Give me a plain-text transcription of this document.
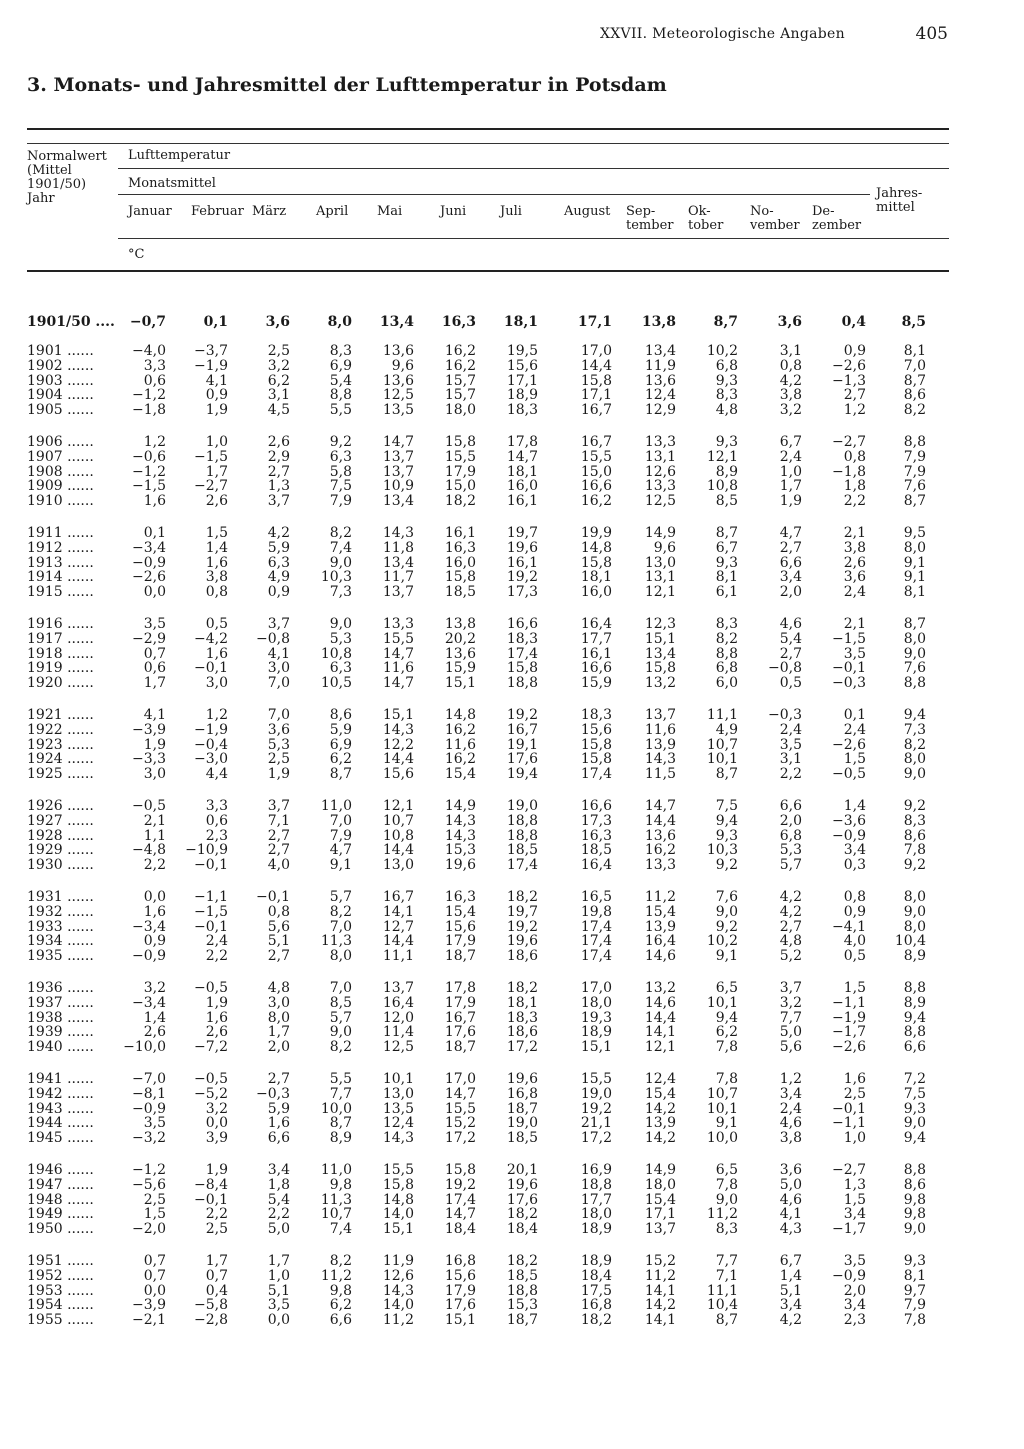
XXVII. Meteorologische Angaben	405
3. Monats- und Jahresmittel der Lufttemperatur in Potsdam
Normalwert
(Mittel
1901/50)
Jahr
Lufttemperatur
Monatsmittel
°C
Jahres-
mittel
Januar Februar März April Mai	Juni	Juli	August Sep-
tember
Ok-
tober
No-
vember
De-
zember
1901/50 ....	−0,7	0,1	3,6	8,0	13,4	16,3	18,1	17,1	13,8	8,7	3,6	0,4	8,5
1901 ......	−4,0	−3,7	2,5	8,3	13,6	16,2	19,5	17,0	13,4	10,2	3,1	0,9	8,1
1902 ......	3,3	−1,9	3,2	6,9	9,6	16,2	15,6	14,4	11,9	6,8	0,8	−2,6	7,0
1903 ......	0,6	4,1	6,2	5,4	13,6	15,7	17,1	15,8	13,6	9,3	4,2	−1,3	8,7
1904 ......	−1,2	0,9	3,1	8,8	12,5	15,7	18,9	17,1	12,4	8,3	3,8	2,7	8,6
1905 ......	−1,8	1,9	4,5	5,5	13,5	18,0	18,3	16,7	12,9	4,8	3,2	1,2	8,2
1906 ......	1,2	1,0	2,6	9,2	14,7	15,8	17,8	16,7	13,3	9,3	6,7	−2,7	8,8
1907 ......	−0,6	−1,5	2,9	6,3	13,7	15,5	14,7	15,5	13,1	12,1	2,4	0,8	7,9
1908 ......	−1,2	1,7	2,7	5,8	13,7	17,9	18,1	15,0	12,6	8,9	1,0	−1,8	7,9
1909 ......	−1,5	−2,7	1,3	7,5	10,9	15,0	16,0	16,6	13,3	10,8	1,7	1,8	7,6
1910 ......	1,6	2,6	3,7	7,9	13,4	18,2	16,1	16,2	12,5	8,5	1,9	2,2	8,7
1911 ......	0,1	1,5	4,2	8,2	14,3	16,1	19,7	19,9	14,9	8,7	4,7	2,1	9,5
1912 ......	−3,4	1,4	5,9	7,4	11,8	16,3	19,6	14,8	9,6	6,7	2,7	3,8	8,0
1913 ......	−0,9	1,6	6,3	9,0	13,4	16,0	16,1	15,8	13,0	9,3	6,6	2,6	9,1
1914 ......	−2,6	3,8	4,9	10,3	11,7	15,8	19,2	18,1	13,1	8,1	3,4	3,6	9,1
1915 ......	0,0	0,8	0,9	7,3	13,7	18,5	17,3	16,0	12,1	6,1	2,0	2,4	8,1
1916 ......	3,5	0,5	3,7	9,0	13,3	13,8	16,6	16,4	12,3	8,3	4,6	2,1	8,7
1917 ......	−2,9	−4,2	−0,8	5,3	15,5	20,2	18,3	17,7	15,1	8,2	5,4	−1,5	8,0
1918 ......	0,7	1,6	4,1	10,8	14,7	13,6	17,4	16,1	13,4	8,8	2,7	3,5	9,0
1919 ......	0,6	−0,1	3,0	6,3	11,6	15,9	15,8	16,6	15,8	6,8	−0,8	−0,1	7,6
1920 ......	1,7	3,0	7,0	10,5	14,7	15,1	18,8	15,9	13,2	6,0	0,5	−0,3	8,8
1921 ......	4,1	1,2	7,0	8,6	15,1	14,8	19,2	18,3	13,7	11,1	−0,3	0,1	9,4
1922 ......	−3,9	−1,9	3,6	5,9	14,3	16,2	16,7	15,6	11,6	4,9	2,4	2,4	7,3
1923 ......	1,9	−0,4	5,3	6,9	12,2	11,6	19,1	15,8	13,9	10,7	3,5	−2,6	8,2
1924 ......	−3,3	−3,0	2,5	6,2	14,4	16,2	17,6	15,8	14,3	10,1	3,1	1,5	8,0
1925 ......	3,0	4,4	1,9	8,7	15,6	15,4	19,4	17,4	11,5	8,7	2,2	−0,5	9,0
1926 ......	−0,5	3,3	3,7	11,0	12,1	14,9	19,0	16,6	14,7	7,5	6,6	1,4	9,2
1927 ......	2,1	0,6	7,1	7,0	10,7	14,3	18,8	17,3	14,4	9,4	2,0	−3,6	8,3
1928 ......	1,1	2,3	2,7	7,9	10,8	14,3	18,8	16,3	13,6	9,3	6,8	−0,9	8,6
1929 ......	−4,8	−10,9	2,7	4,7	14,4	15,3	18,5	18,5	16,2	10,3	5,3	3,4	7,8
1930 ......	2,2	−0,1	4,0	9,1	13,0	19,6	17,4	16,4	13,3	9,2	5,7	0,3	9,2
1931 ......	0,0	−1,1	−0,1	5,7	16,7	16,3	18,2	16,5	11,2	7,6	4,2	0,8	8,0
1932 ......	1,6	−1,5	0,8	8,2	14,1	15,4	19,7	19,8	15,4	9,0	4,2	0,9	9,0
1933 ......	−3,4	−0,1	5,6	7,0	12,7	15,6	19,2	17,4	13,9	9,2	2,7	−4,1	8,0
1934 ......	0,9	2,4	5,1	11,3	14,4	17,9	19,6	17,4	16,4	10,2	4,8	4,0	10,4
1935 ......	−0,9	2,2	2,7	8,0	11,1	18,7	18,6	17,4	14,6	9,1	5,2	0,5	8,9
1936 ......	3,2	−0,5	4,8	7,0	13,7	17,8	18,2	17,0	13,2	6,5	3,7	1,5	8,8
1937 ......	−3,4	1,9	3,0	8,5	16,4	17,9	18,1	18,0	14,6	10,1	3,2	−1,1	8,9
1938 ......	1,4	1,6	8,0	5,7	12,0	16,7	18,3	19,3	14,4	9,4	7,7	−1,9	9,4
1939 ......	2,6	2,6	1,7	9,0	11,4	17,6	18,6	18,9	14,1	6,2	5,0	−1,7	8,8
1940 ......	−10,0	−7,2	2,0	8,2	12,5	18,7	17,2	15,1	12,1	7,8	5,6	−2,6	6,6
1941 ......	−7,0	−0,5	2,7	5,5	10,1	17,0	19,6	15,5	12,4	7,8	1,2	1,6	7,2
1942 ......	−8,1	−5,2	−0,3	7,7	13,0	14,7	16,8	19,0	15,4	10,7	3,4	2,5	7,5
1943 ......	−0,9	3,2	5,9	10,0	13,5	15,5	18,7	19,2	14,2	10,1	2,4	−0,1	9,3
1944 ......	3,5	0,0	1,6	8,7	12,4	15,2	19,0	21,1	13,9	9,1	4,6	−1,1	9,0
1945 ......	−3,2	3,9	6,6	8,9	14,3	17,2	18,5	17,2	14,2	10,0	3,8	1,0	9,4
1946 ......	−1,2	1,9	3,4	11,0	15,5	15,8	20,1	16,9	14,9	6,5	3,6	−2,7	8,8
1947 ......	−5,6	−8,4	1,8	9,8	15,8	19,2	19,6	18,8	18,0	7,8	5,0	1,3	8,6
1948 ......	2,5	−0,1	5,4	11,3	14,8	17,4	17,6	17,7	15,4	9,0	4,6	1,5	9,8
1949 ......	1,5	2,2	2,2	10,7	14,0	14,7	18,2	18,0	17,1	11,2	4,1	3,4	9,8
1950 ......	−2,0	2,5	5,0	7,4	15,1	18,4	18,4	18,9	13,7	8,3	4,3	−1,7	9,0
1951 ......	0,7	1,7	1,7	8,2	11,9	16,8	18,2	18,9	15,2	7,7	6,7	3,5	9,3
1952 ......	0,7	0,7	1,0	11,2	12,6	15,6	18,5	18,4	11,2	7,1	1,4	−0,9	8,1
1953 ......	0,0	0,4	5,1	9,8	14,3	17,9	18,8	17,5	14,1	11,1	5,1	2,0	9,7
1954 ......	−3,9	−5,8	3,5	6,2	14,0	17,6	15,3	16,8	14,2	10,4	3,4	3,4	7,9
1955 ......	−2,1	−2,8	0,0	6,6	11,2	15,1	18,7	18,2	14,1	8,7	4,2	2,3	7,8
